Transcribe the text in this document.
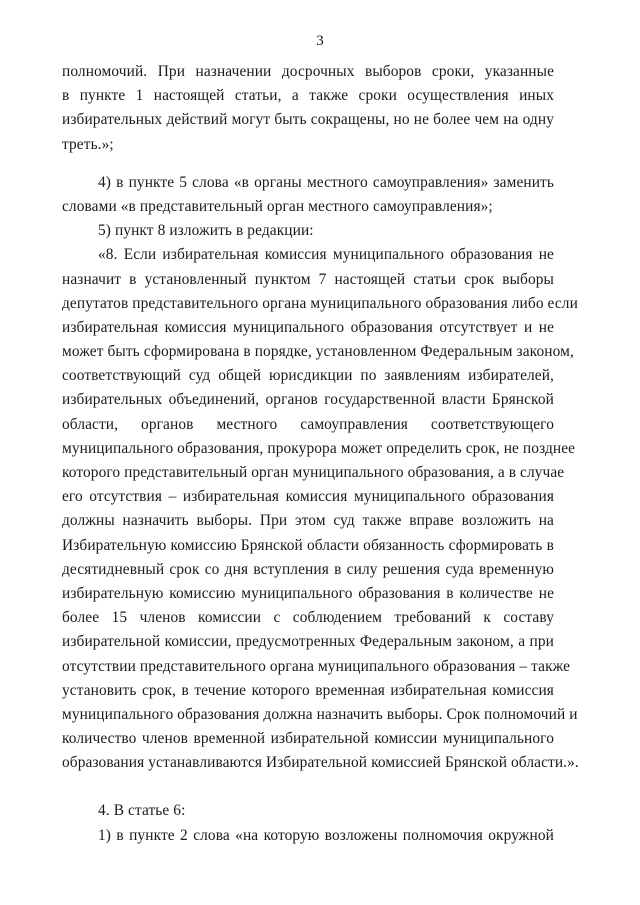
3
полномочий. При назначении досрочных выборов сроки, указанные
в пункте 1 настоящей статьи, а также сроки осуществления иных
избирательных действий могут быть сокращены, но не более чем на одну
треть.»;
4) в пункте 5 слова «в органы местного самоуправления» заменить
словами «в представительный орган местного самоуправления»;
5) пункт 8 изложить в редакции:
«8. Если избирательная комиссия муниципального образования не
назначит в установленный пунктом 7 настоящей статьи срок выборы
депутатов представительного органа муниципального образования либо если
избирательная комиссия муниципального образования отсутствует и не
может быть сформирована в порядке, установленном Федеральным законом,
соответствующий суд общей юрисдикции по заявлениям избирателей,
избирательных объединений, органов государственной власти Брянской
области, органов местного самоуправления соответствующего
муниципального образования, прокурора может определить срок, не позднее
которого представительный орган муниципального образования, а в случае
его отсутствия – избирательная комиссия муниципального образования
должны назначить выборы. При этом суд также вправе возложить на
Избирательную комиссию Брянской области обязанность сформировать в
десятидневный срок со дня вступления в силу решения суда временную
избирательную комиссию муниципального образования в количестве не
более 15 членов комиссии с соблюдением требований к составу
избирательной комиссии, предусмотренных Федеральным законом, а при
отсутствии представительного органа муниципального образования – также
установить срок, в течение которого временная избирательная комиссия
муниципального образования должна назначить выборы. Срок полномочий и
количество членов временной избирательной комиссии муниципального
образования устанавливаются Избирательной комиссией Брянской области.».
4. В статье 6:
1) в пункте 2 слова «на которую возложены полномочия окружной
